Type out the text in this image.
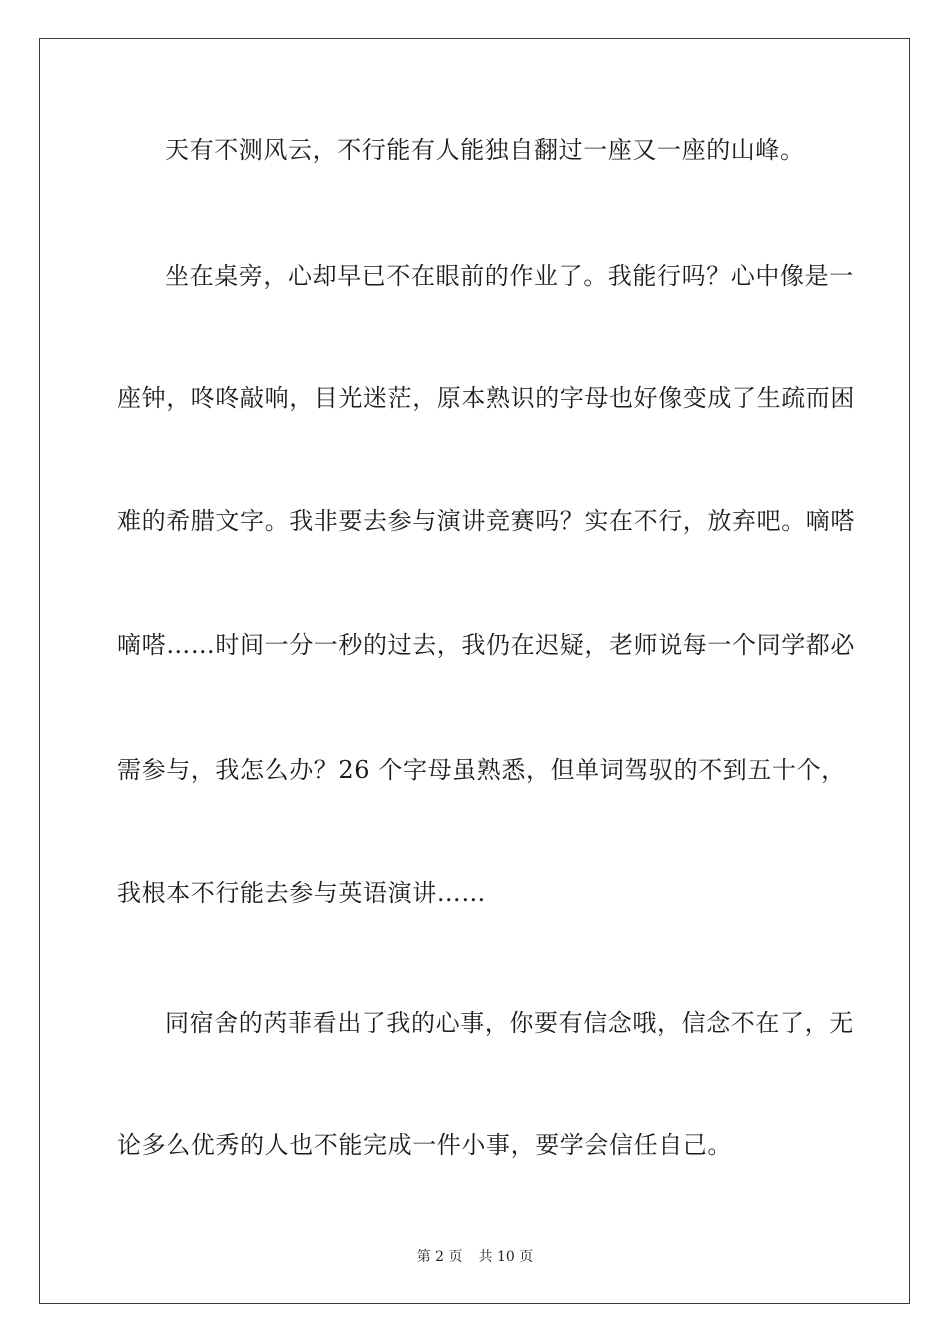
天有不测风云，不行能有人能独自翻过一座又一座的山峰。
坐在桌旁，心却早已不在眼前的作业了。我能行吗？心中像是一
座钟，咚咚敲响，目光迷茫，原本熟识的字母也好像变成了生疏而困
难的希腊文字。我非要去参与演讲竞赛吗？实在不行，放弃吧。嘀嗒
嘀嗒……时间一分一秒的过去，我仍在迟疑，老师说每一个同学都必
需参与，我怎么办？26 个字母虽熟悉，但单词驾驭的不到五十个，
我根本不行能去参与英语演讲……
同宿舍的芮菲看出了我的心事，你要有信念哦，信念不在了，无
论多么优秀的人也不能完成一件小事，要学会信任自己。
第 2 页 共 10 页
